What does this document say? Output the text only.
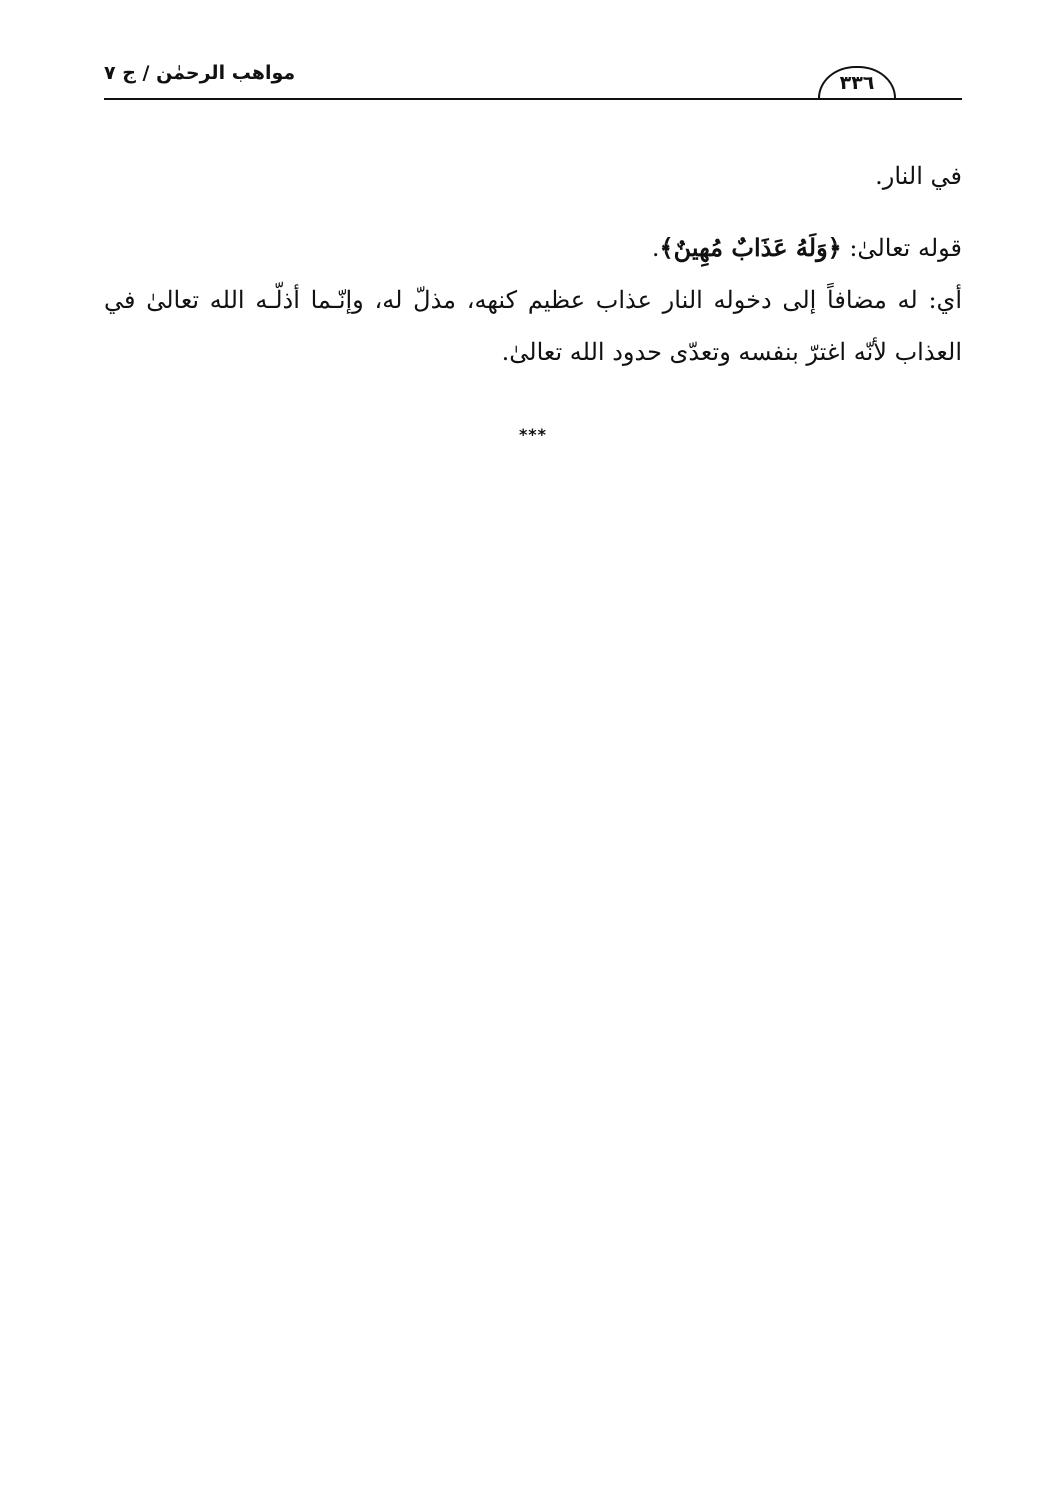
مواهب الرحمٰن / ج ٧	٣٣٦

في النار.

قوله تعالىٰ: ﴿وَلَهُ عَذَابٌ مُهِينٌ﴾.

أي: له مضافاً إلى دخوله النار عذاب عظيم كنهه، مذلّ له، وإنّـما أذلّـه الله تعالىٰ في العذاب لأنّه اغترّ بنفسه وتعدّى حدود الله تعالىٰ.

***
